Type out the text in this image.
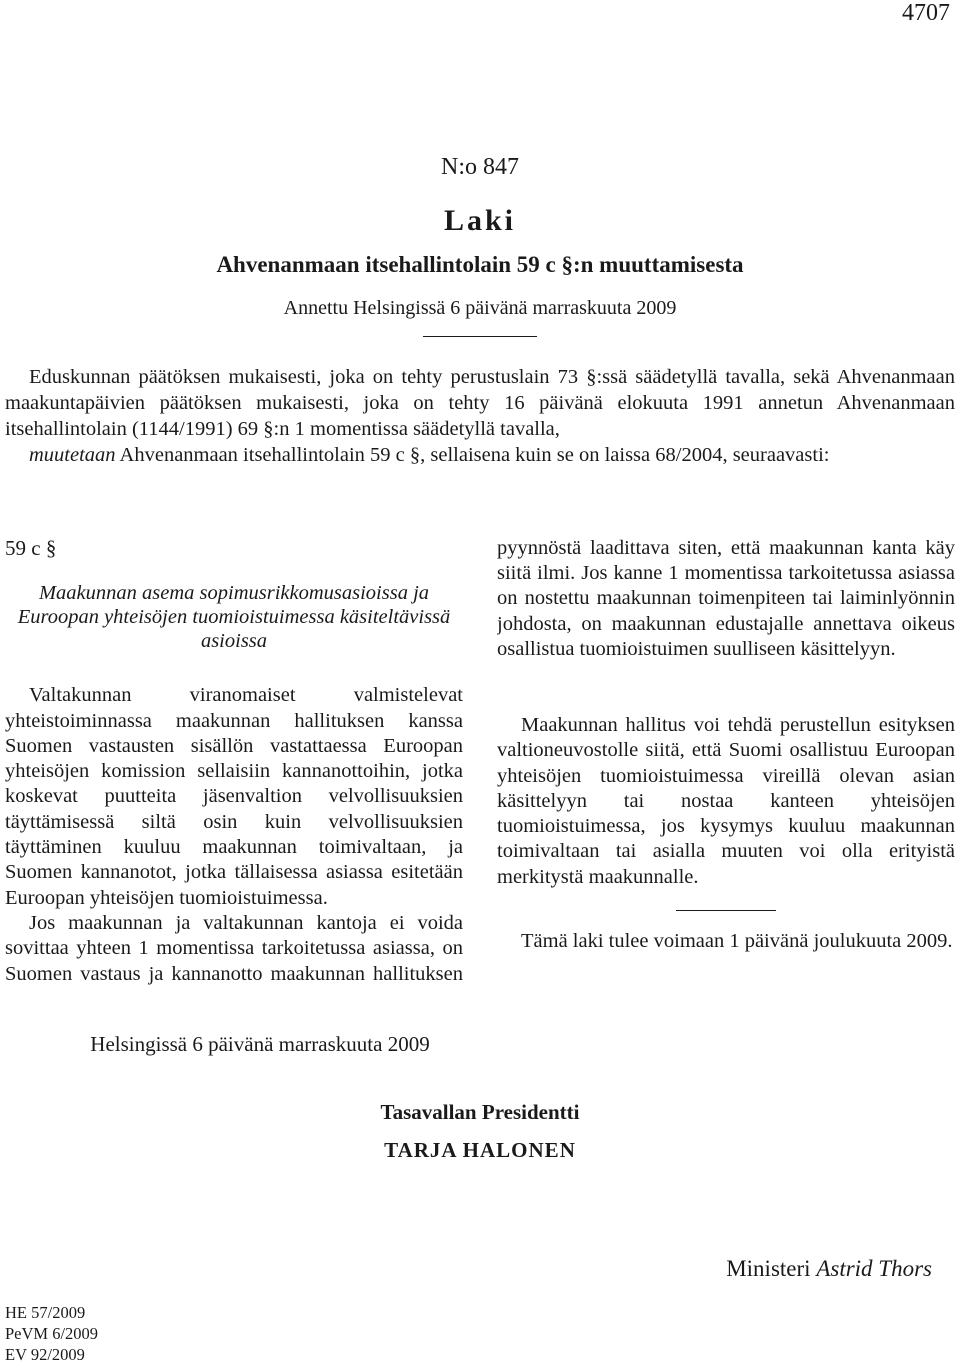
4707
N:o 847
Laki
Ahvenanmaan itsehallintolain 59 c §:n muuttamisesta
Annettu Helsingissä 6 päivänä marraskuuta 2009

Eduskunnan päätöksen mukaisesti, joka on tehty perustuslain 73 §:ssä säädetyllä tavalla, sekä Ahvenanmaan maakuntapäivien päätöksen mukaisesti, joka on tehty 16 päivänä elokuuta 1991 annetun Ahvenanmaan itsehallintolain (1144/1991) 69 §:n 1 momentissa säädetyllä tavalla,

muutetaan Ahvenanmaan itsehallintolain 59 c §, sellaisena kuin se on laissa 68/2004, seuraavasti:

59 c §

Maakunnan asema sopimusrikkomusasioissa ja Euroopan yhteisöjen tuomioistuimessa käsiteltävissä asioissa

Valtakunnan viranomaiset valmistelevat yhteistoiminnassa maakunnan hallituksen kanssa Suomen vastausten sisällön vastattaessa Euroopan yhteisöjen komission sellaisiin kannanottoihin, jotka koskevat puutteita jäsenvaltion velvollisuuksien täyttämisessä siltä osin kuin velvollisuuksien täyttäminen kuuluu maakunnan toimivaltaan, ja Suomen kannanotot, jotka tällaisessa asiassa esitetään Euroopan yhteisöjen tuomioistuimessa.

Jos maakunnan ja valtakunnan kantoja ei voida sovittaa yhteen 1 momentissa tarkoitetussa asiassa, on Suomen vastaus ja kannanotto maakunnan hallituksen

pyynnöstä laadittava siten, että maakunnan kanta käy siitä ilmi. Jos kanne 1 momentissa tarkoitetussa asiassa on nostettu maakunnan toimenpiteen tai laiminlyönnin johdosta, on maakunnan edustajalle annettava oikeus osallistua tuomioistuimen suulliseen käsittelyyn.

Maakunnan hallitus voi tehdä perustellun esityksen valtioneuvostolle siitä, että Suomi osallistuu Euroopan yhteisöjen tuomioistuimessa vireillä olevan asian käsittelyyn tai nostaa kanteen yhteisöjen tuomioistuimessa, jos kysymys kuuluu maakunnan toimivaltaan tai asialla muuten voi olla erityistä merkitystä maakunnalle.

Tämä laki tulee voimaan 1 päivänä joulukuuta 2009.

Helsingissä 6 päivänä marraskuuta 2009
Tasavallan Presidentti
TARJA HALONEN
Ministeri Astrid Thors
HE 57/2009
PeVM 6/2009
EV 92/2009
